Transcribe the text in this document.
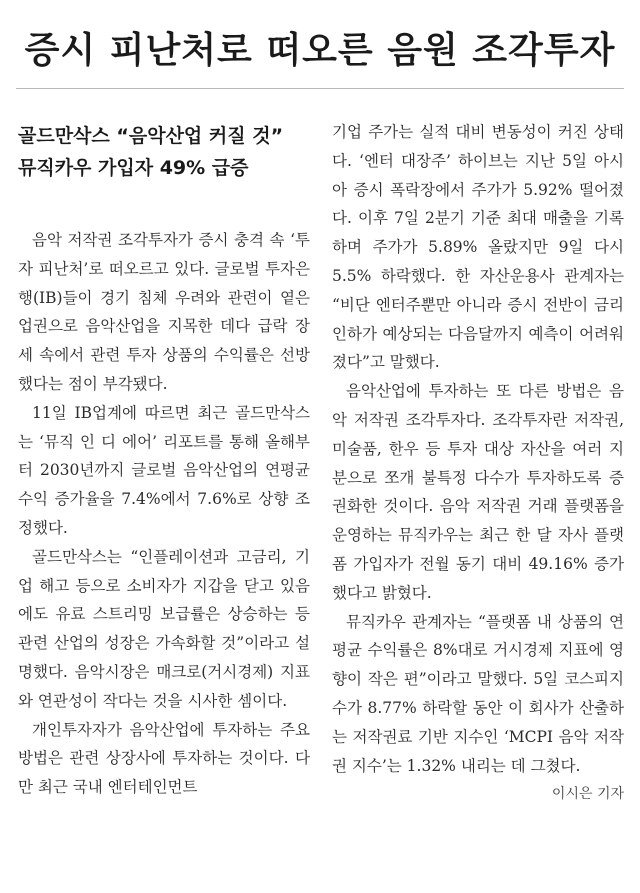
증시 피난처로 떠오른 음원 조각투자
골드만삭스 “음악산업 커질 것”
뮤직카우 가입자 49% 급증

음악 저작권 조각투자가 증시 충격 속 ‘투자 피난처’로 떠오르고 있다. 글로벌 투자은행(IB)들이 경기 침체 우려와 관련이 옅은 업권으로 음악산업을 지목한 데다 급락 장세 속에서 관련 투자 상품의 수익률은 선방했다는 점이 부각됐다.

11일 IB업계에 따르면 최근 골드만삭스는 ‘뮤직 인 디 에어’ 리포트를 통해 올해부터 2030년까지 글로벌 음악산업의 연평균 수익 증가율을 7.4%에서 7.6%로 상향 조정했다.

골드만삭스는 “인플레이션과 고금리, 기업 해고 등으로 소비자가 지갑을 닫고 있음에도 유료 스트리밍 보급률은 상승하는 등 관련 산업의 성장은 가속화할 것”이라고 설명했다. 음악시장은 매크로(거시경제) 지표와 연관성이 작다는 것을 시사한 셈이다.

개인투자자가 음악산업에 투자하는 주요 방법은 관련 상장사에 투자하는 것이다. 다만 최근 국내 엔터테인먼트

기업 주가는 실적 대비 변동성이 커진 상태다. ‘엔터 대장주’ 하이브는 지난 5일 아시아 증시 폭락장에서 주가가 5.92% 떨어졌다. 이후 7일 2분기 기준 최대 매출을 기록하며 주가가 5.89% 올랐지만 9일 다시 5.5% 하락했다. 한 자산운용사 관계자는 “비단 엔터주뿐만 아니라 증시 전반이 금리 인하가 예상되는 다음달까지 예측이 어려워졌다”고 말했다.

음악산업에 투자하는 또 다른 방법은 음악 저작권 조각투자다. 조각투자란 저작권, 미술품, 한우 등 투자 대상 자산을 여러 지분으로 쪼개 불특정 다수가 투자하도록 증권화한 것이다. 음악 저작권 거래 플랫폼을 운영하는 뮤직카우는 최근 한 달 자사 플랫폼 가입자가 전월 동기 대비 49.16% 증가했다고 밝혔다.

뮤직카우 관계자는 “플랫폼 내 상품의 연평균 수익률은 8%대로 거시경제 지표에 영향이 작은 편”이라고 말했다. 5일 코스피지수가 8.77% 하락할 동안 이 회사가 산출하는 저작권료 기반 지수인 ‘MCPI 음악 저작권 지수’는 1.32% 내리는 데 그쳤다.
이시은 기자
